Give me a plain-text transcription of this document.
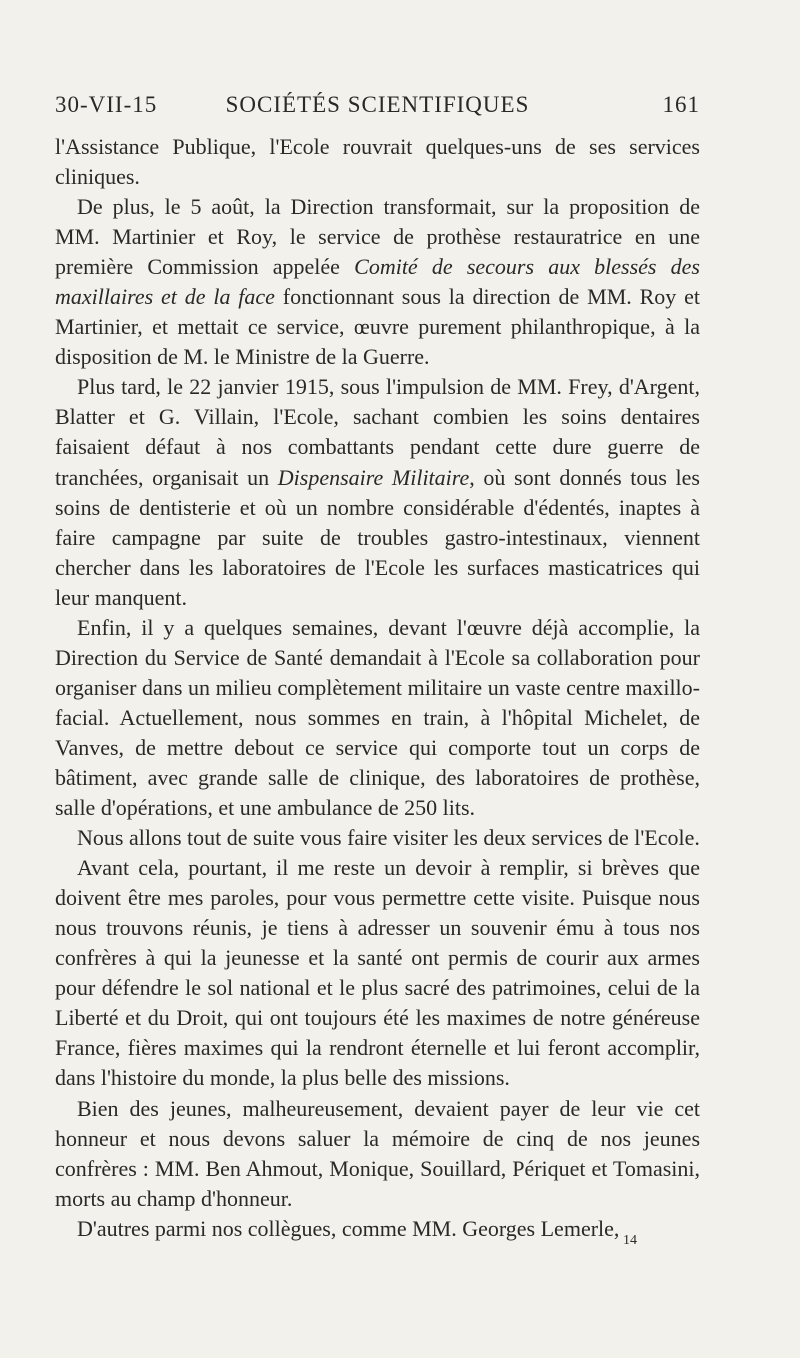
30-VII-15	SOCIÉTÉS SCIENTIFIQUES	161

l'Assistance Publique, l'Ecole rouvrait quelques-uns de ses services cliniques.

De plus, le 5 août, la Direction transformait, sur la proposition de MM. Martinier et Roy, le service de prothèse restauratrice en une première Commission appelée Comité de secours aux blessés des maxillaires et de la face fonctionnant sous la direction de MM. Roy et Martinier, et mettait ce service, œuvre purement philanthropique, à la disposition de M. le Ministre de la Guerre.

Plus tard, le 22 janvier 1915, sous l'impulsion de MM. Frey, d'Argent, Blatter et G. Villain, l'Ecole, sachant combien les soins dentaires faisaient défaut à nos combattants pendant cette dure guerre de tranchées, organisait un Dispensaire Militaire, où sont donnés tous les soins de dentisterie et où un nombre considérable d'édentés, inaptes à faire campagne par suite de troubles gastro-intestinaux, viennent chercher dans les laboratoires de l'Ecole les surfaces masticatrices qui leur manquent.

Enfin, il y a quelques semaines, devant l'œuvre déjà accomplie, la Direction du Service de Santé demandait à l'Ecole sa collaboration pour organiser dans un milieu complètement militaire un vaste centre maxillo-facial. Actuellement, nous sommes en train, à l'hôpital Michelet, de Vanves, de mettre debout ce service qui comporte tout un corps de bâtiment, avec grande salle de clinique, des laboratoires de prothèse, salle d'opérations, et une ambulance de 250 lits.

Nous allons tout de suite vous faire visiter les deux services de l'Ecole.

Avant cela, pourtant, il me reste un devoir à remplir, si brèves que doivent être mes paroles, pour vous permettre cette visite. Puisque nous nous trouvons réunis, je tiens à adresser un souvenir ému à tous nos confrères à qui la jeunesse et la santé ont permis de courir aux armes pour défendre le sol national et le plus sacré des patrimoines, celui de la Liberté et du Droit, qui ont toujours été les maximes de notre généreuse France, fières maximes qui la rendront éternelle et lui feront accomplir, dans l'histoire du monde, la plus belle des missions.

Bien des jeunes, malheureusement, devaient payer de leur vie cet honneur et nous devons saluer la mémoire de cinq de nos jeunes confrères : MM. Ben Ahmout, Monique, Souillard, Périquet et Tomasini, morts au champ d'honneur.

D'autres parmi nos collègues, comme MM. Georges Lemerle, 14
